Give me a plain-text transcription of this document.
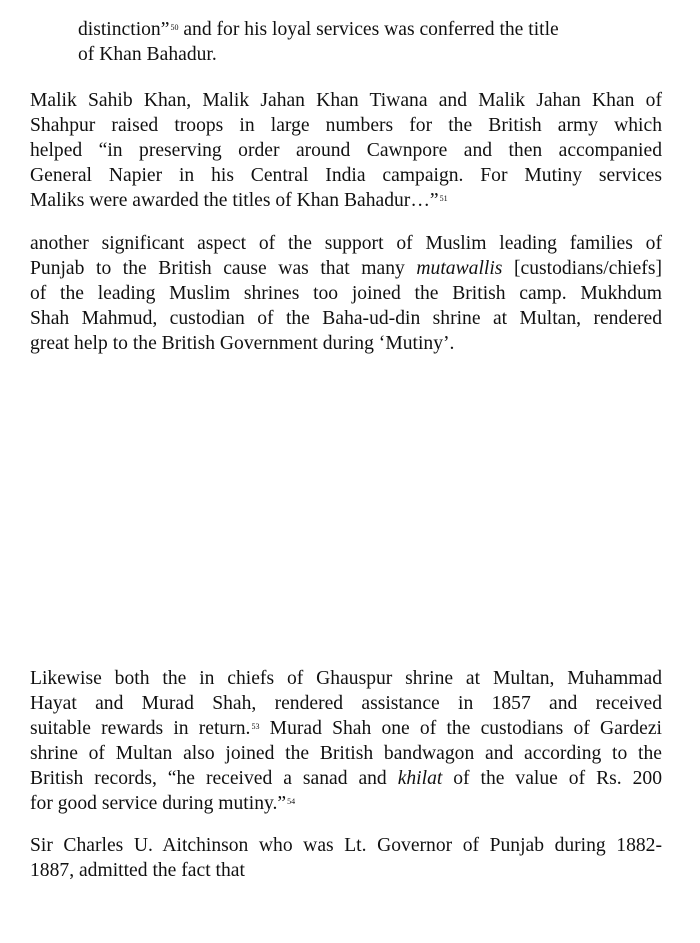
distinction”$^{50}$ and for his loyal services was conferred the title
of Khan Bahadur.
Malik Sahib Khan, Malik Jahan Khan Tiwana and Malik Jahan Khan of
Shahpur raised troops in large numbers for the British army which
helped “in preserving order around Cawnpore and then accompanied
General Napier in his Central India campaign. For Mutiny services
Maliks were awarded the titles of Khan Bahadur…”$^{51}$
another significant aspect of the support of Muslim leading families of
Punjab to the British cause was that many mutawallis [custodians/chiefs]
of the leading Muslim shrines too joined the British camp. Mukhdum
Shah Mahmud, custodian of the Baha-ud-din shrine at Multan, rendered
great help to the British Government during ‘Mutiny’.
Likewise both the in chiefs of Ghauspur shrine at Multan, Muhammad
Hayat and Murad Shah, rendered assistance in 1857 and received
suitable rewards in return.$^{53}$ Murad Shah one of the custodians of Gardezi
shrine of Multan also joined the British bandwagon and according to the
British records, “he received a sanad and khilat of the value of Rs. 200
for good service during mutiny.”$^{54}$
Sir Charles U. Aitchinson who was Lt. Governor of Punjab during 1882-
1887, admitted the fact that
